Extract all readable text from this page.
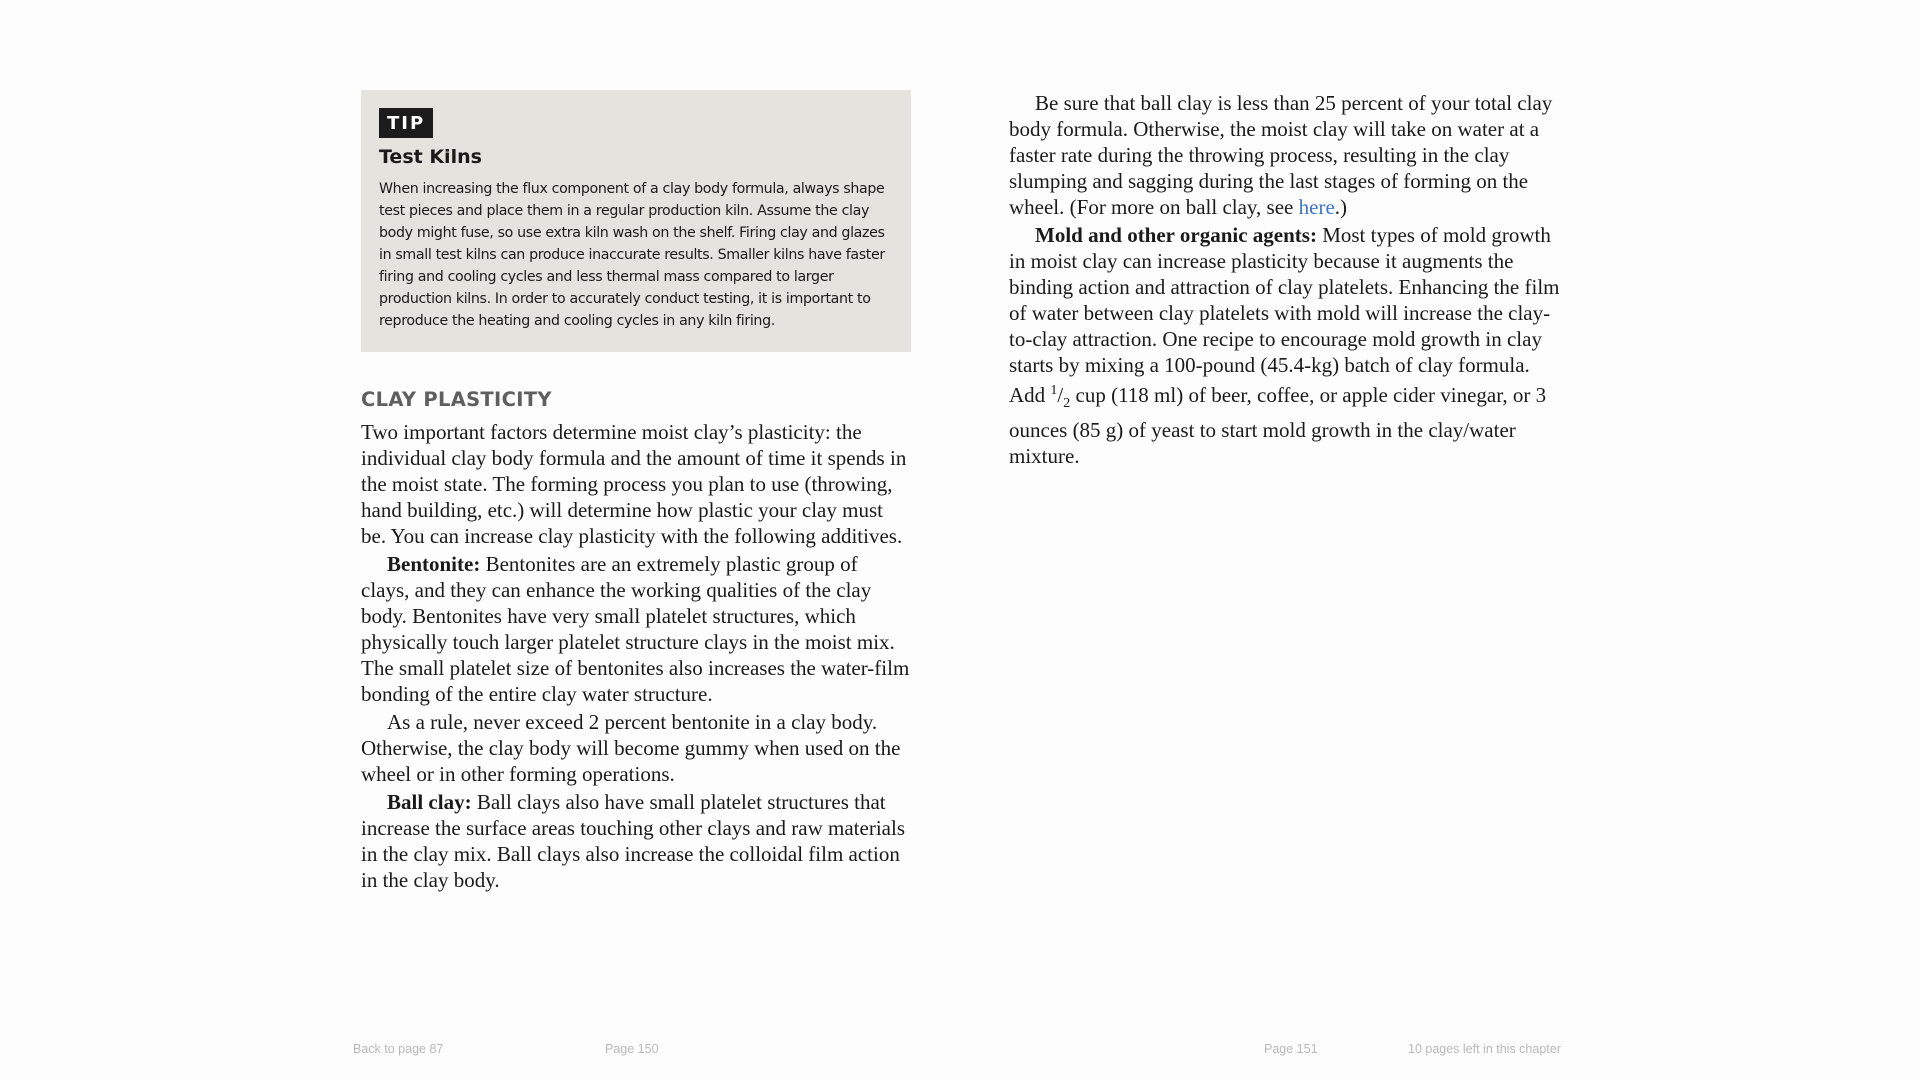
TIP
Test Kilns
When increasing the flux component of a clay body formula, always shape test pieces and place them in a regular production kiln. Assume the clay body might fuse, so use extra kiln wash on the shelf. Firing clay and glazes in small test kilns can produce inaccurate results. Smaller kilns have faster firing and cooling cycles and less thermal mass compared to larger production kilns. In order to accurately conduct testing, it is important to reproduce the heating and cooling cycles in any kiln firing.
CLAY PLASTICITY

Two important factors determine moist clay’s plasticity: the individual clay body formula and the amount of time it spends in the moist state. The forming process you plan to use (throwing, hand building, etc.) will determine how plastic your clay must be. You can increase clay plasticity with the following additives.

Bentonite: Bentonites are an extremely plastic group of clays, and they can enhance the working qualities of the clay body. Bentonites have very small platelet structures, which physically touch larger platelet structure clays in the moist mix. The small platelet size of bentonites also increases the water-film bonding of the entire clay water structure.

As a rule, never exceed 2 percent bentonite in a clay body. Otherwise, the clay body will become gummy when used on the wheel or in other forming operations.

Ball clay: Ball clays also have small platelet structures that increase the surface areas touching other clays and raw materials in the clay mix. Ball clays also increase the colloidal film action in the clay body.

Be sure that ball clay is less than 25 percent of your total clay body formula. Otherwise, the moist clay will take on water at a faster rate during the throwing process, resulting in the clay slumping and sagging during the last stages of forming on the wheel. (For more on ball clay, see here.)

Mold and other organic agents: Most types of mold growth in moist clay can increase plasticity because it augments the binding action and attraction of clay platelets. Enhancing the film of water between clay platelets with mold will increase the clay-to-clay attraction. One recipe to encourage mold growth in clay starts by mixing a 100-pound (45.4-kg) batch of clay formula. Add $^1/_2$ cup (118 ml) of beer, coffee, or apple cider vinegar, or 3 ounces (85 g) of yeast to start mold growth in the clay/water mixture.

Back to page 87	Page 150	Page 151	10 pages left in this chapter
